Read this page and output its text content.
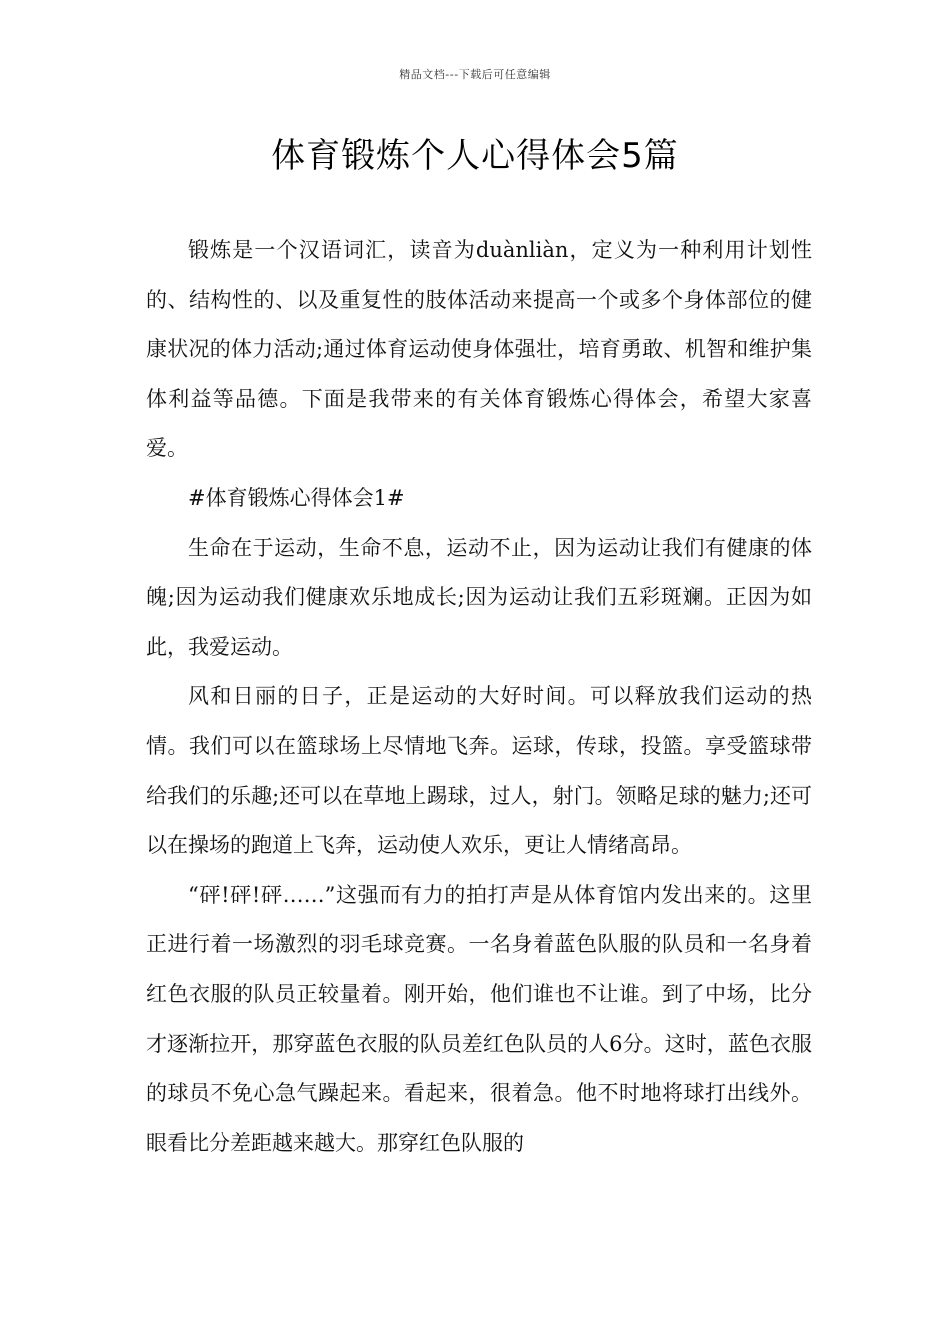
精品文档---下载后可任意编辑
体育锻炼个人心得体会5篇

锻炼是一个汉语词汇，读音为duànliàn，定义为一种利用计划性的、结构性的、以及重复性的肢体活动来提高一个或多个身体部位的健康状况的体力活动;通过体育运动使身体强壮，培育勇敢、机智和维护集体利益等品德。下面是我带来的有关体育锻炼心得体会，希望大家喜爱。

#体育锻炼心得体会1#

生命在于运动，生命不息，运动不止，因为运动让我们有健康的体魄;因为运动我们健康欢乐地成长;因为运动让我们五彩斑斓。正因为如此，我爱运动。

风和日丽的日子，正是运动的大好时间。可以释放我们运动的热情。我们可以在篮球场上尽情地飞奔。运球，传球，投篮。享受篮球带给我们的乐趣;还可以在草地上踢球，过人，射门。领略足球的魅力;还可以在操场的跑道上飞奔，运动使人欢乐，更让人情绪高昂。

“砰!砰!砰……”这强而有力的拍打声是从体育馆内发出来的。这里正进行着一场激烈的羽毛球竞赛。一名身着蓝色队服的队员和一名身着红色衣服的队员正较量着。刚开始，他们谁也不让谁。到了中场，比分才逐渐拉开，那穿蓝色衣服的队员差红色队员的人6分。这时，蓝色衣服的球员不免心急气躁起来。看起来，很着急。他不时地将球打出线外。眼看比分差距越来越大。那穿红色队服的
